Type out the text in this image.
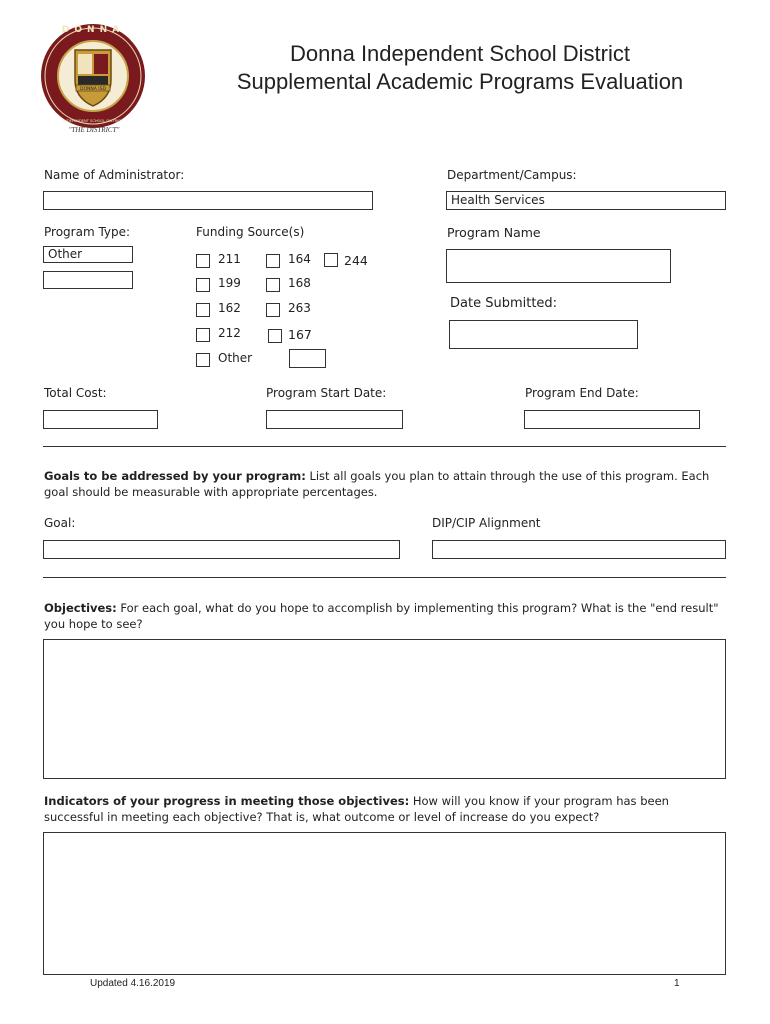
DONNA ISD
DONNA
INDEPENDENT SCHOOL DISTRICT
"THE DISTRICT"
Donna Independent School District
Supplemental Academic Programs Evaluation
Name of Administrator:	Department/Campus:
Health Services
Program Type:
Other
Funding Source(s)
211	164	244
199	168
162	263
212	167
Other
Program Name
Date Submitted:
Total Cost:	Program Start Date:	Program End Date:
Goals to be addressed by your program: List all goals you plan to attain through the use of this program. Each goal should be measurable with appropriate percentages.
Goal:	DIP/CIP Alignment
Objectives: For each goal, what do you hope to accomplish by implementing this program? What is the "end result" you hope to see?
Indicators of your progress in meeting those objectives: How will you know if your program has been successful in meeting each objective? That is, what outcome or level of increase do you expect?
Updated 4.16.2019	1
